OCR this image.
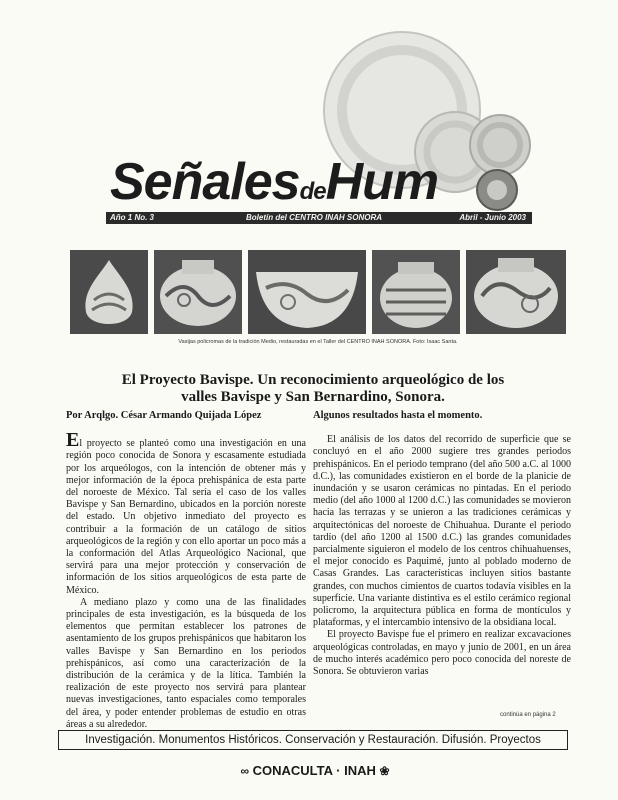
SeñalesdeHum
Año 1 No. 3	Boletín del CENTRO INAH SONORA	Abril - Junio 2003
Vasijas policromas de la tradición Medio, restauradas en el Taller del CENTRO INAH SONORA. Foto: Isaac Santa.
El Proyecto Bavispe. Un reconocimiento arqueológico de los valles Bavispe y San Bernardino, Sonora.

Por Arqlgo. César Armando Quijada López

El proyecto se planteó como una investigación en una región poco conocida de Sonora y escasamente estudiada por los arqueólogos, con la intención de obtener más y mejor información de la época prehispánica de esta parte del noroeste de México. Tal sería el caso de los valles Bavispe y San Bernardino, ubicados en la porción noreste del estado. Un objetivo inmediato del proyecto es contribuir a la formación de un catálogo de sitios arqueológicos de la región y con ello aportar un poco más a la conformación del Atlas Arqueológico Nacional, que servirá para una mejor protección y conservación de información de los sitios arqueológicos de esta parte de México.

A mediano plazo y como una de las finalidades principales de esta investigación, es la búsqueda de los elementos que permitan establecer los patrones de asentamiento de los grupos prehispánicos que habitaron los valles Bavispe y San Bernardino en los periodos prehispánicos, así como una caracterización de la distribución de la cerámica y de la lítica. También la realización de este proyecto nos servirá para plantear nuevas investigaciones, tanto espaciales como temporales del área, y poder entender problemas de estudio en otras áreas a su alrededor.

Algunos resultados hasta el momento.

El análisis de los datos del recorrido de superficie que se concluyó en el año 2000 sugiere tres grandes periodos prehispánicos. En el periodo temprano (del año 500 a.C. al 1000 d.C.), las comunidades existieron en el borde de la planicie de inundación y se usaron cerámicas no pintadas. En el periodo medio (del año 1000 al 1200 d.C.) las comunidades se movieron hacia las terrazas y se unieron a las tradiciones cerámicas y arquitectónicas del noroeste de Chihuahua. Durante el periodo tardío (del año 1200 al 1500 d.C.) las grandes comunidades parcialmente siguieron el modelo de los centros chihuahuenses, el mejor conocido es Paquimé, junto al poblado moderno de Casas Grandes. Las características incluyen sitios bastante grandes, con muchos cimientos de cuartos todavía visibles en la superficie. Una variante distintiva es el estilo cerámico regional policromo, la arquitectura pública en forma de montículos y plataformas, y el intercambio intensivo de la obsidiana local.

El proyecto Bavispe fue el primero en realizar excavaciones arqueológicas controladas, en mayo y junio de 2001, en un área de mucho interés académico pero poco conocida del noreste de Sonora. Se obtuvieron varias

continúa en página 2
Investigación. Monumentos Históricos. Conservación y Restauración. Difusión. Proyectos
∞ CONACULTA · INAH ❀
